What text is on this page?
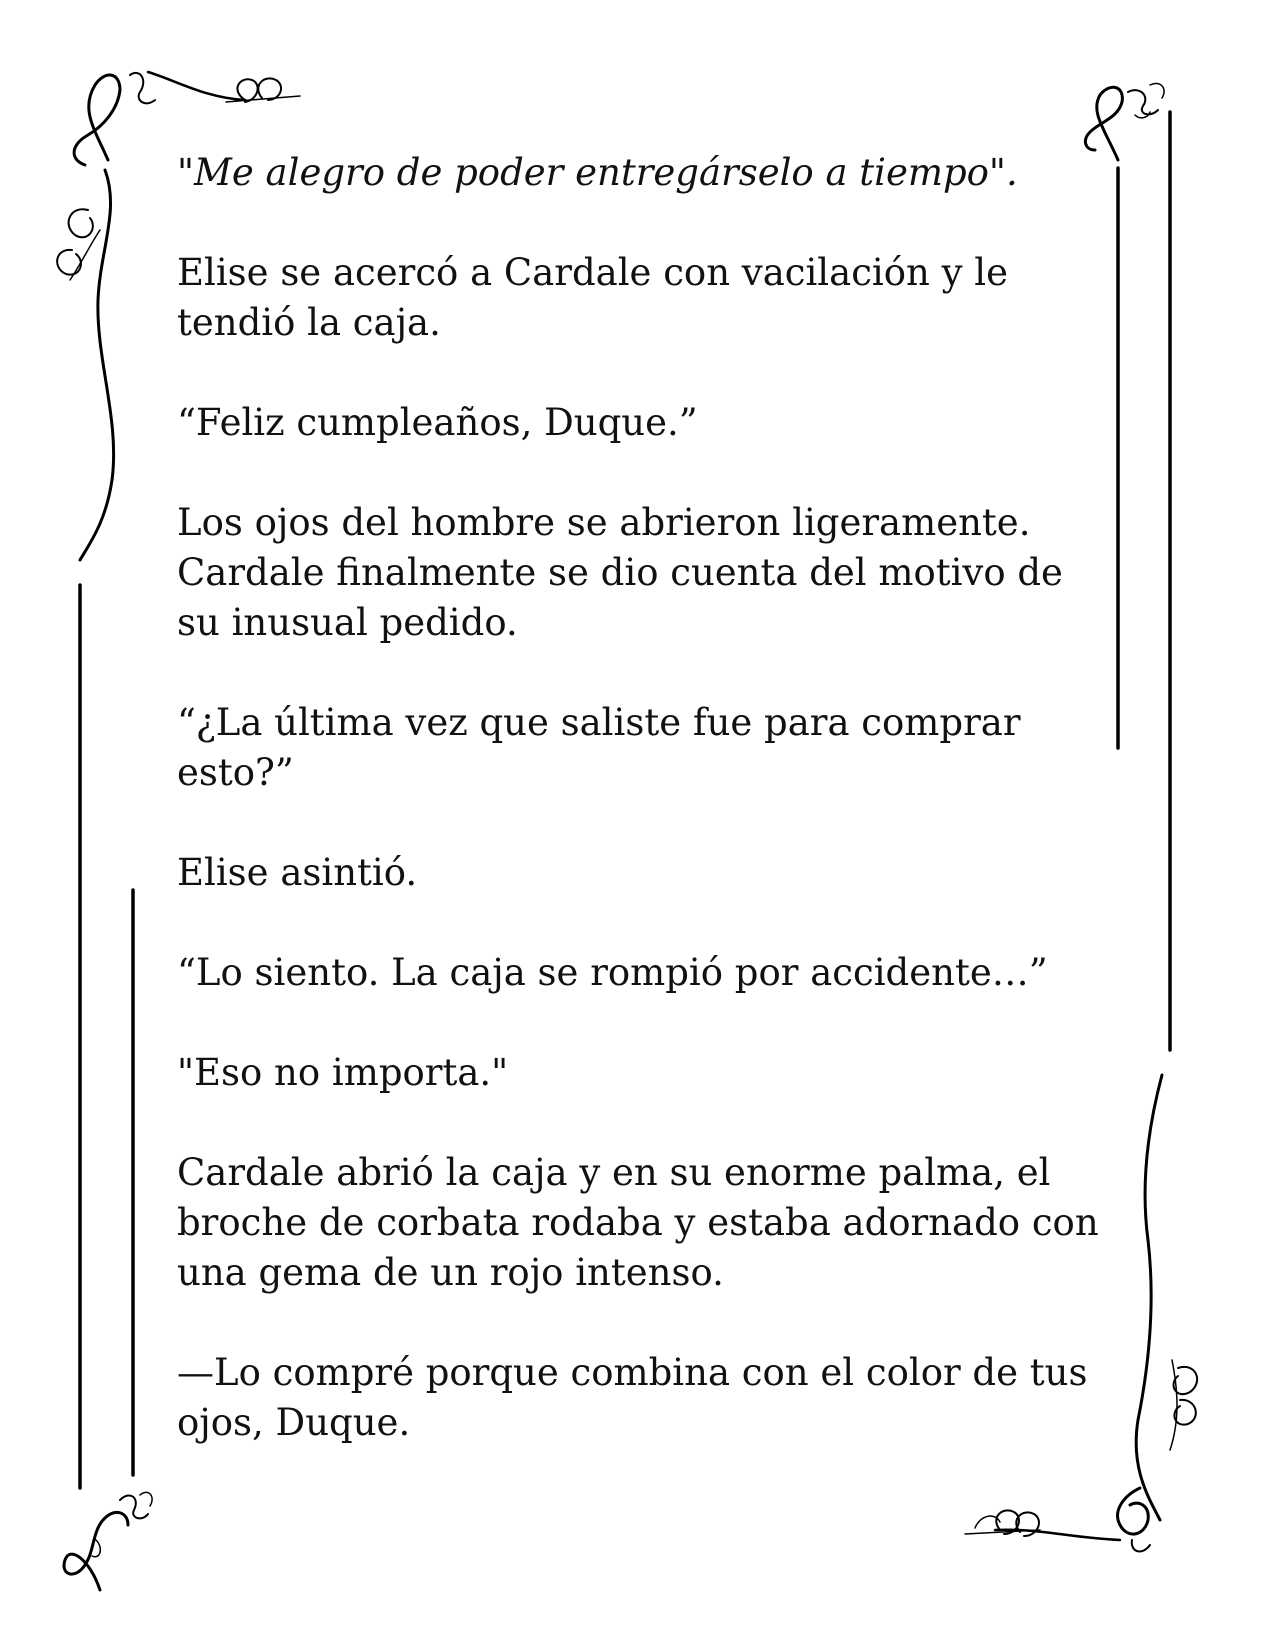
"Me alegro de poder entregárselo a tiempo".

Elise se acercó a Cardale con vacilación y le tendió la caja.

“Feliz cumpleaños, Duque.”

Los ojos del hombre se abrieron ligeramente. Cardale finalmente se dio cuenta del motivo de su inusual pedido.

“¿La última vez que saliste fue para comprar esto?”

Elise asintió.

“Lo siento. La caja se rompió por accidente…”

"Eso no importa."

Cardale abrió la caja y en su enorme palma, el broche de corbata rodaba y estaba adornado con una gema de un rojo intenso.

—Lo compré porque combina con el color de tus ojos, Duque.
